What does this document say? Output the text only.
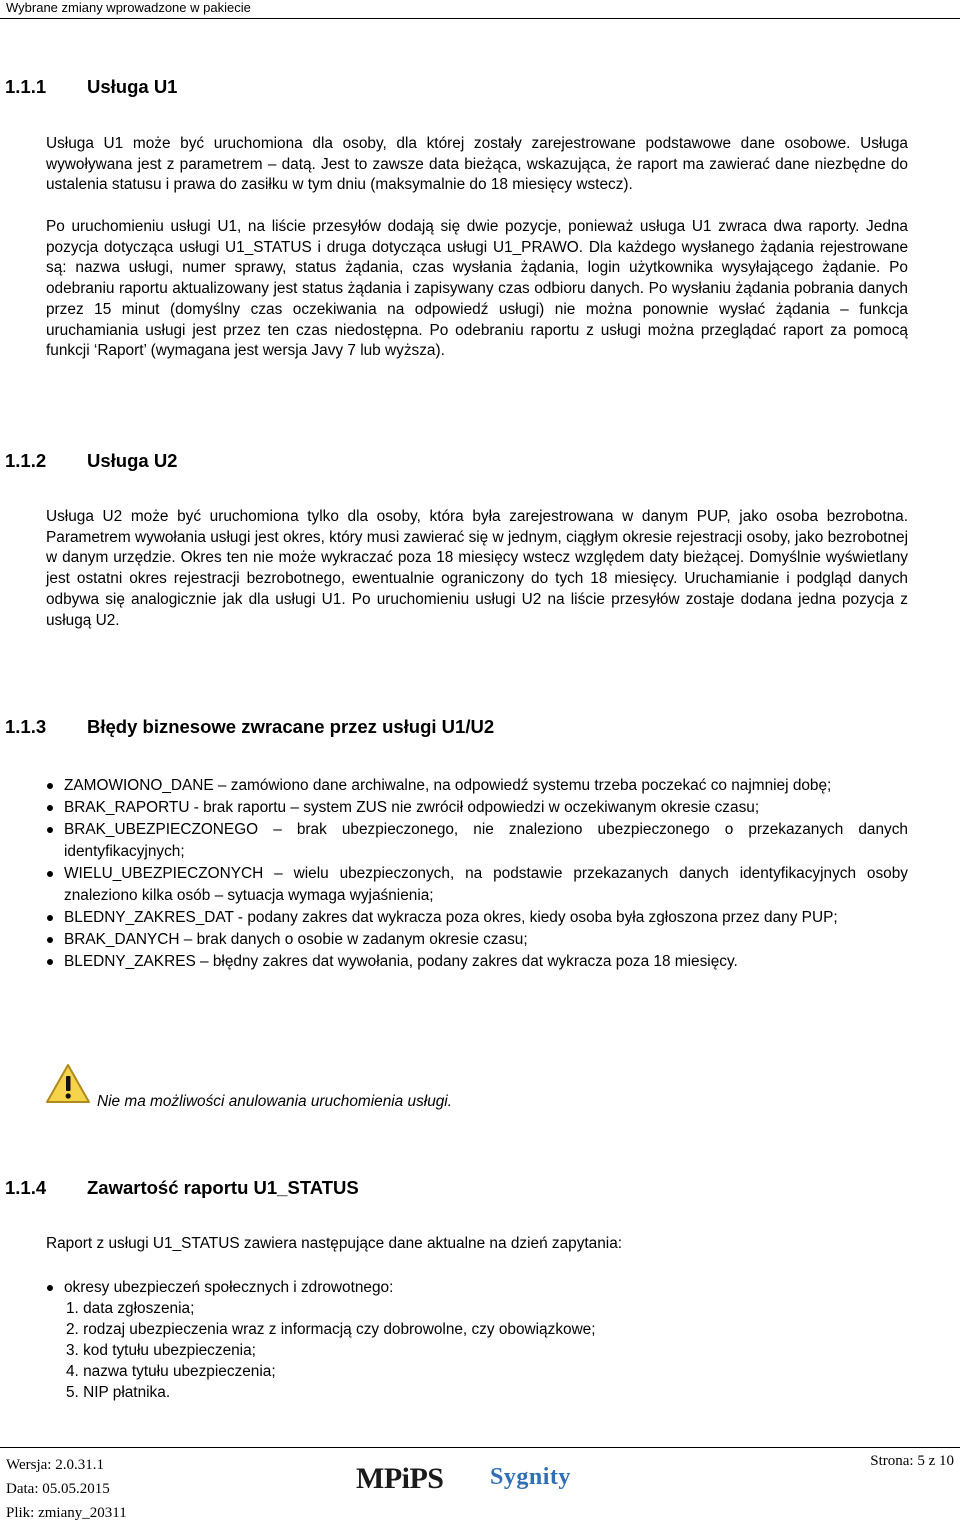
Wybrane zmiany wprowadzone w pakiecie
1.1.1 Usługa U1

Usługa U1 może być uruchomiona dla osoby, dla której zostały zarejestrowane podstawowe dane osobowe. Usługa wywoływana jest z parametrem – datą. Jest to zawsze data bieżąca, wskazująca, że raport ma zawierać dane niezbędne do ustalenia statusu i prawa do zasiłku w tym dniu (maksymalnie do 18 miesięcy wstecz).

Po uruchomieniu usługi U1, na liście przesyłów dodają się dwie pozycje, ponieważ usługa U1 zwraca dwa raporty. Jedna pozycja dotycząca usługi U1_STATUS i druga dotycząca usługi U1_PRAWO. Dla każdego wysłanego żądania rejestrowane są: nazwa usługi, numer sprawy, status żądania, czas wysłania żądania, login użytkownika wysyłającego żądanie. Po odebraniu raportu aktualizowany jest status żądania i zapisywany czas odbioru danych. Po wysłaniu żądania pobrania danych przez 15 minut (domyślny czas oczekiwania na odpowiedź usługi) nie można ponownie wysłać żądania – funkcja uruchamiania usługi jest przez ten czas niedostępna. Po odebraniu raportu z usługi można przeglądać raport za pomocą funkcji ‘Raport’ (wymagana jest wersja Javy 7 lub wyższa).

1.1.2 Usługa U2

Usługa U2 może być uruchomiona tylko dla osoby, która była zarejestrowana w danym PUP, jako osoba bezrobotna. Parametrem wywołania usługi jest okres, który musi zawierać się w jednym, ciągłym okresie rejestracji osoby, jako bezrobotnej w danym urzędzie. Okres ten nie może wykraczać poza 18 miesięcy wstecz względem daty bieżącej. Domyślnie wyświetlany jest ostatni okres rejestracji bezrobotnego, ewentualnie ograniczony do tych 18 miesięcy. Uruchamianie i podgląd danych odbywa się analogicznie jak dla usługi U1. Po uruchomieniu usługi U2 na liście przesyłów zostaje dodana jedna pozycja z usługą U2.

1.1.3 Błędy biznesowe zwracane przez usługi U1/U2
ZAMOWIONO_DANE – zamówiono dane archiwalne, na odpowiedź systemu trzeba poczekać co najmniej dobę;
BRAK_RAPORTU - brak raportu – system ZUS nie zwrócił odpowiedzi w oczekiwanym okresie czasu;
BRAK_UBEZPIECZONEGO – brak ubezpieczonego, nie znaleziono ubezpieczonego o przekazanych danych identyfikacyjnych;
WIELU_UBEZPIECZONYCH – wielu ubezpieczonych, na podstawie przekazanych danych identyfikacyjnych osoby znaleziono kilka osób – sytuacja wymaga wyjaśnienia;
BLEDNY_ZAKRES_DAT - podany zakres dat wykracza poza okres, kiedy osoba była zgłoszona przez dany PUP;
BRAK_DANYCH – brak danych o osobie w zadanym okresie czasu;
BLEDNY_ZAKRES – błędny zakres dat wywołania, podany zakres dat wykracza poza 18 miesięcy.
Nie ma możliwości anulowania uruchomienia usługi.
1.1.4 Zawartość raportu U1_STATUS

Raport z usługi U1_STATUS zawiera następujące dane aktualne na dzień zapytania:

okresy ubezpieczeń społecznych i zdrowotnego:
1. data zgłoszenia;
2. rodzaj ubezpieczenia wraz z informacją czy dobrowolne, czy obowiązkowe;
3. kod tytułu ubezpieczenia;
4. nazwa tytułu ubezpieczenia;
5. NIP płatnika.
Wersja: 2.0.31.1
Data: 05.05.2015
Plik: zmiany_20311
MPiPS Sygnity
Strona: 5 z 10
